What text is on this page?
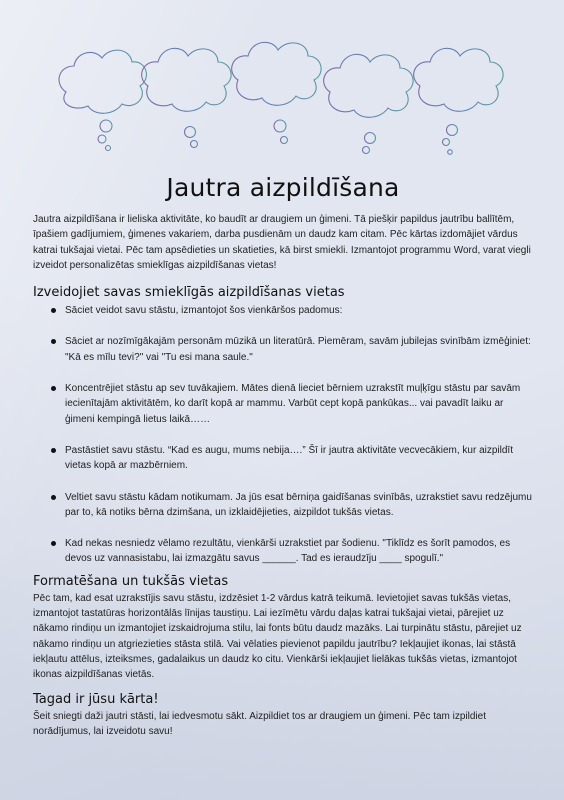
Jautra aizpildīšana

Jautra aizpildīšana ir lieliska aktivitāte, ko baudīt ar draugiem un ģimeni. Tā piešķir papildus jautrību ballītēm, īpašiem gadījumiem, ģimenes vakariem, darba pusdienām un daudz kam citam. Pēc kārtas izdomājiet vārdus katrai tukšajai vietai. Pēc tam apsēdieties un skatieties, kā birst smiekli. Izmantojot programmu Word, varat viegli izveidot personalizētas smieklīgas aizpildīšanas vietas!

Izveidojiet savas smieklīgās aizpildīšanas vietas
Sāciet veidot savu stāstu, izmantojot šos vienkāršos padomus:
Sāciet ar nozīmīgākajām personām mūzikā un literatūrā. Piemēram, savām jubilejas svinībām izmēģiniet: "Kā es mīlu tevi?" vai "Tu esi mana saule."
Koncentrējiet stāstu ap sev tuvākajiem. Mātes dienā lieciet bērniem uzrakstīt muļķīgu stāstu par savām iecienītajām aktivitātēm, ko darīt kopā ar mammu. Varbūt cept kopā pankūkas... vai pavadīt laiku ar ģimeni kempingā lietus laikā……
Pastāstiet savu stāstu. “Kad es augu, mums nebija….” Šī ir jautra aktivitāte vecvecākiem, kur aizpildīt vietas kopā ar mazbērniem.
Veltiet savu stāstu kādam notikumam. Ja jūs esat bērniņa gaidīšanas svinībās, uzrakstiet savu redzējumu par to, kā notiks bērna dzimšana, un izklaidējieties, aizpildot tukšās vietas.
Kad nekas nesniedz vēlamo rezultātu, vienkārši uzrakstiet par šodienu. "Tiklīdz es šorīt pamodos, es devos uz vannasistabu, lai izmazgātu savus ______. Tad es ieraudzīju ____ spogulī."
Formatēšana un tukšās vietas

Pēc tam, kad esat uzrakstījis savu stāstu, izdzēsiet 1-2 vārdus katrā teikumā. Ievietojiet savas tukšās vietas, izmantojot tastatūras horizontālās līnijas taustiņu. Lai iezīmētu vārdu daļas katrai tukšajai vietai, pārejiet uz nākamo rindiņu un izmantojiet izskaidrojuma stilu, lai fonts būtu daudz mazāks. Lai turpinātu stāstu, pārejiet uz nākamo rindiņu un atgriezieties stāsta stilā. Vai vēlaties pievienot papildu jautrību? Iekļaujiet ikonas, lai stāstā iekļautu attēlus, izteiksmes, gadalaikus un daudz ko citu. Vienkārši iekļaujiet lielākas tukšās vietas, izmantojot ikonas aizpildīšanas vietās.

Tagad ir jūsu kārta!

Šeit sniegti daži jautri stāsti, lai iedvesmotu sākt. Aizpildiet tos ar draugiem un ģimeni. Pēc tam izpildiet norādījumus, lai izveidotu savu!
